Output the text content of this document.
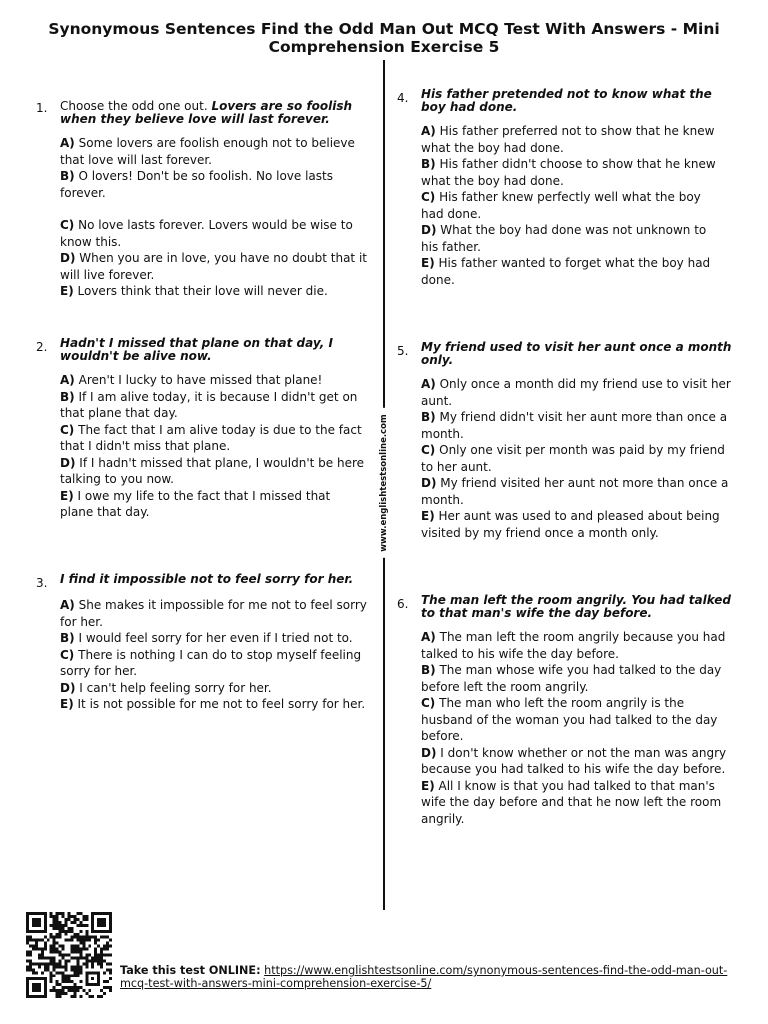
Synonymous Sentences Find the Odd Man Out MCQ Test With Answers - Mini Comprehension Exercise 5
www.englishtestsonline.com
1. Choose the odd one out. Lovers are so foolish when they believe love will last forever.
A) Some lovers are foolish enough not to believe that love will last forever.
B) O lovers! Don't be so foolish. No love lasts forever.
C) No love lasts forever. Lovers would be wise to know this.
D) When you are in love, you have no doubt that it will live forever.
E) Lovers think that their love will never die.
2. Hadn't I missed that plane on that day, I wouldn't be alive now.
A) Aren't I lucky to have missed that plane!
B) If I am alive today, it is because I didn't get on that plane that day.
C) The fact that I am alive today is due to the fact that I didn't miss that plane.
D) If I hadn't missed that plane, I wouldn't be here talking to you now.
E) I owe my life to the fact that I missed that plane that day.
3. I find it impossible not to feel sorry for her.
A) She makes it impossible for me not to feel sorry for her.
B) I would feel sorry for her even if I tried not to.
C) There is nothing I can do to stop myself feeling sorry for her.
D) I can't help feeling sorry for her.
E) It is not possible for me not to feel sorry for her.
4. His father pretended not to know what the boy had done.
A) His father preferred not to show that he knew what the boy had done.
B) His father didn't choose to show that he knew what the boy had done.
C) His father knew perfectly well what the boy had done.
D) What the boy had done was not unknown to his father.
E) His father wanted to forget what the boy had done.
5. My friend used to visit her aunt once a month only.
A) Only once a month did my friend use to visit her aunt.
B) My friend didn't visit her aunt more than once a month.
C) Only one visit per month was paid by my friend to her aunt.
D) My friend visited her aunt not more than once a month.
E) Her aunt was used to and pleased about being visited by my friend once a month only.
6. The man left the room angrily. You had talked to that man's wife the day before.
A) The man left the room angrily because you had talked to his wife the day before.
B) The man whose wife you had talked to the day before left the room angrily.
C) The man who left the room angrily is the husband of the woman you had talked to the day before.
D) I don't know whether or not the man was angry because you had talked to his wife the day before.
E) All I know is that you had talked to that man's wife the day before and that he now left the room angrily.
Take this test ONLINE: https://www.englishtestsonline.com/synonymous-sentences-find-the-odd-man-out-mcq-test-with-answers-mini-comprehension-exercise-5/
